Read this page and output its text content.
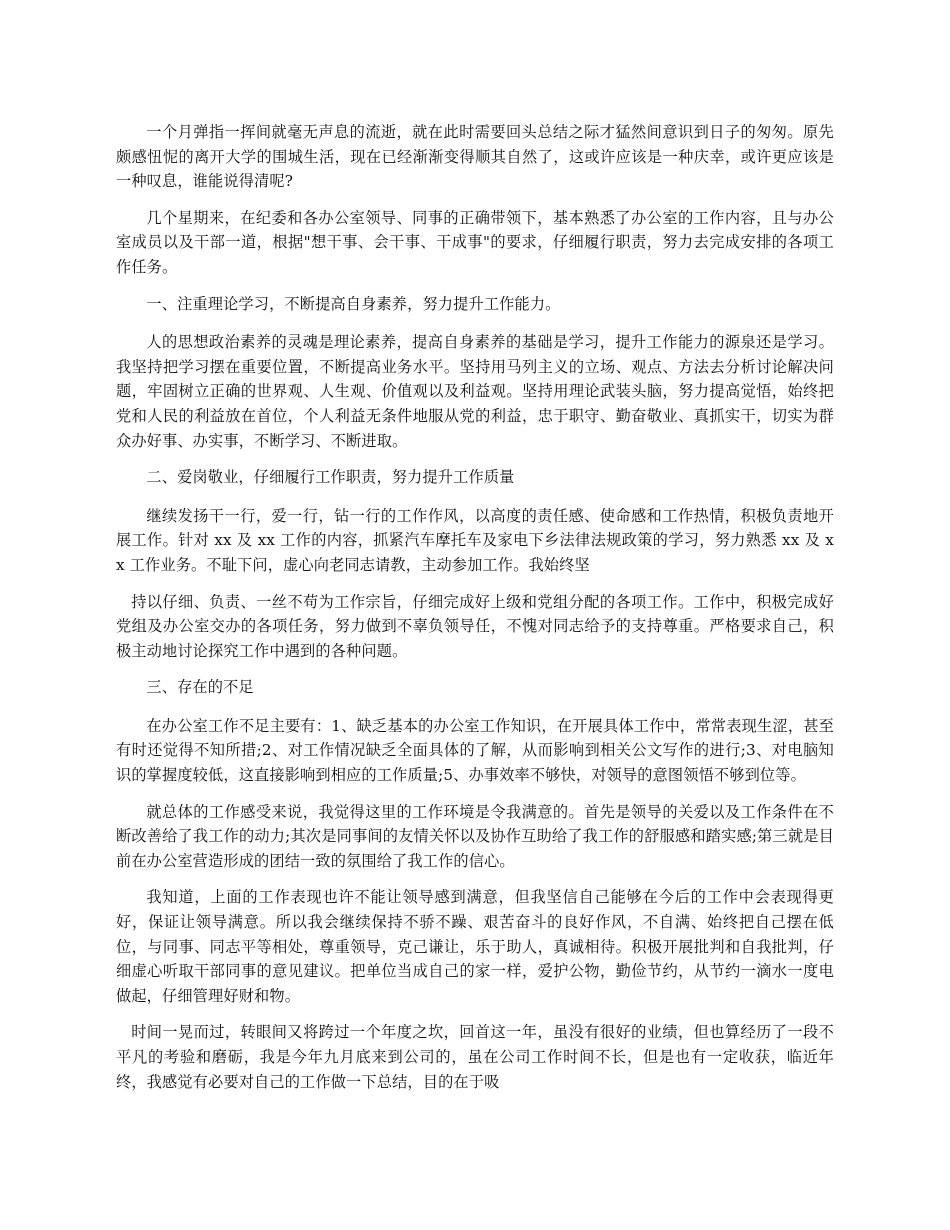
一个月弹指一挥间就毫无声息的流逝，就在此时需要回头总结之际才猛然间意识到日子的匆匆。原先颇感忸怩的离开大学的围城生活，现在已经渐渐变得顺其自然了，这或许应该是一种庆幸，或许更应该是一种叹息，谁能说得清呢?

几个星期来，在纪委和各办公室领导、同事的正确带领下，基本熟悉了办公室的工作内容，且与办公室成员以及干部一道，根据"想干事、会干事、干成事"的要求，仔细履行职责，努力去完成安排的各项工作任务。

一、注重理论学习，不断提高自身素养，努力提升工作能力。

人的思想政治素养的灵魂是理论素养，提高自身素养的基础是学习，提升工作能力的源泉还是学习。我坚持把学习摆在重要位置，不断提高业务水平。坚持用马列主义的立场、观点、方法去分析讨论解决问题，牢固树立正确的世界观、人生观、价值观以及利益观。坚持用理论武装头脑，努力提高觉悟，始终把党和人民的利益放在首位，个人利益无条件地服从党的利益，忠于职守、勤奋敬业、真抓实干，切实为群众办好事、办实事，不断学习、不断进取。

二、爱岗敬业，仔细履行工作职责，努力提升工作质量

继续发扬干一行，爱一行，钻一行的工作作风，以高度的责任感、使命感和工作热情，积极负责地开展工作。针对 xx 及 xx 工作的内容，抓紧汽车摩托车及家电下乡法律法规政策的学习，努力熟悉 xx 及 xx 工作业务。不耻下问，虚心向老同志请教，主动参加工作。我始终坚

持以仔细、负责、一丝不苟为工作宗旨，仔细完成好上级和党组分配的各项工作。工作中，积极完成好党组及办公室交办的各项任务，努力做到不辜负领导任，不愧对同志给予的支持尊重。严格要求自己，积极主动地讨论探究工作中遇到的各种问题。

三、存在的不足

在办公室工作不足主要有：1、缺乏基本的办公室工作知识，在开展具体工作中，常常表现生涩，甚至有时还觉得不知所措;2、对工作情况缺乏全面具体的了解，从而影响到相关公文写作的进行;3、对电脑知识的掌握度较低，这直接影响到相应的工作质量;5、办事效率不够快，对领导的意图领悟不够到位等。

就总体的工作感受来说，我觉得这里的工作环境是令我满意的。首先是领导的关爱以及工作条件在不断改善给了我工作的动力;其次是同事间的友情关怀以及协作互助给了我工作的舒服感和踏实感;第三就是目前在办公室营造形成的团结一致的氛围给了我工作的信心。

我知道，上面的工作表现也许不能让领导感到满意，但我坚信自己能够在今后的工作中会表现得更好，保证让领导满意。所以我会继续保持不骄不躁、艰苦奋斗的良好作风，不自满、始终把自己摆在低位，与同事、同志平等相处，尊重领导，克己谦让，乐于助人，真诚相待。积极开展批判和自我批判，仔细虚心听取干部同事的意见建议。把单位当成自己的家一样，爱护公物，勤俭节约，从节约一滴水一度电做起，仔细管理好财和物。

时间一晃而过，转眼间又将跨过一个年度之坎，回首这一年，虽没有很好的业绩，但也算经历了一段不平凡的考验和磨砺，我是今年九月底来到公司的，虽在公司工作时间不长，但是也有一定收获，临近年终，我感觉有必要对自己的工作做一下总结，目的在于吸
